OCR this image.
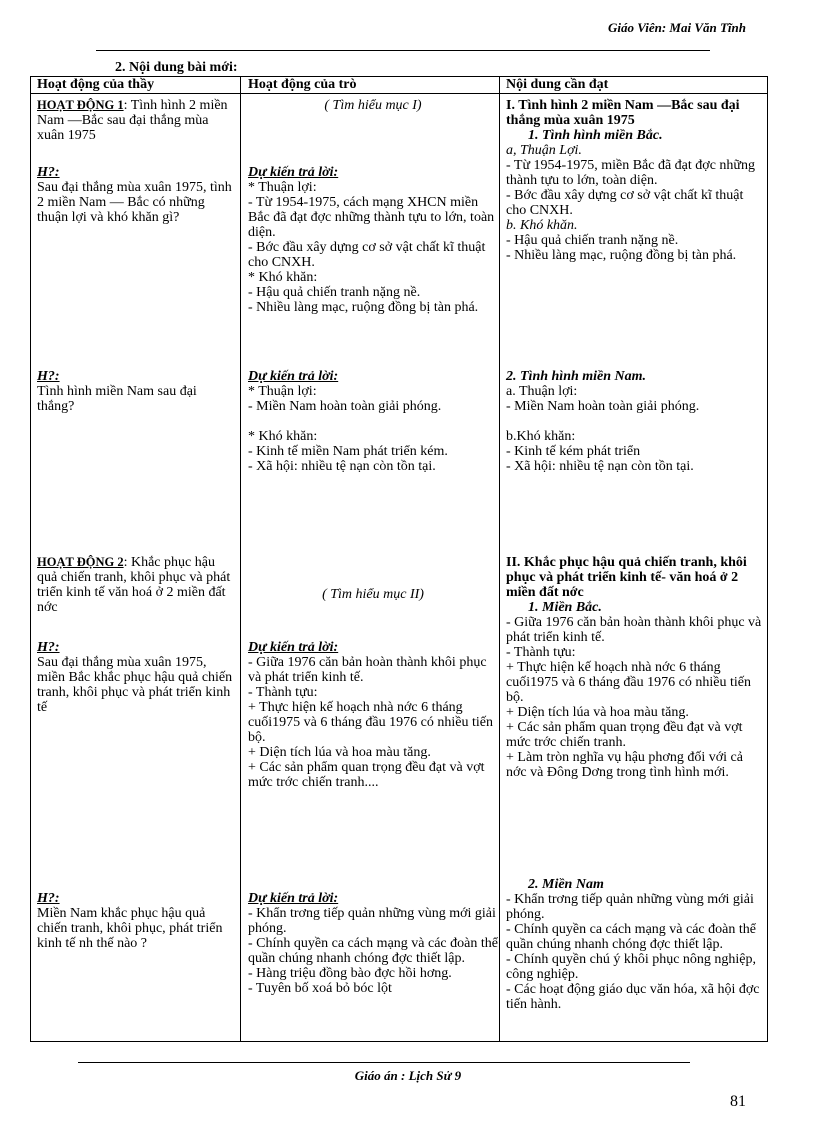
Giáo Viên: Mai Văn Tĩnh
2. Nội dung bài mới:
Hoạt động của thầy	Hoạt động của trò	Nội dung cần đạt
HOẠT ĐỘNG 1: Tình hình 2 miền Nam —Bắc sau đại thắng mùa xuân 1975
H?:
Sau đại thắng mùa xuân 1975, tình 2 miền Nam — Bắc có những thuận lợi và khó khăn gì?
H?:
Tình hình miền Nam sau đại thắng?
HOẠT ĐỘNG 2: Khắc phục hậu quả chiến tranh, khôi phục và phát triển kinh tế văn hoá ở 2 miền đất nớc
H?:
Sau đại thắng mùa xuân 1975, miền Bắc khắc phục hậu quả chiến tranh, khôi phục và phát triển kinh tế
H?:
Miền Nam khắc phục hậu quả chiến tranh, khôi phục, phát triển kinh tế nh thế nào ?
( Tìm hiểu mục I)
Dự kiến trả lời:
* Thuận lợi:
- Từ 1954-1975, cách mạng XHCN miền Bắc đã đạt đợc những thành tựu to lớn, toàn diện.
- Bớc đầu xây dựng cơ sở vật chất kĩ thuật cho CNXH.
* Khó khăn:
- Hậu quả chiến tranh nặng nề.
- Nhiều làng mạc, ruộng đồng bị tàn phá.
Dự kiến trả lời:
* Thuận lợi:
- Miền Nam hoàn toàn giải phóng.
* Khó khăn:
- Kinh tế miền Nam phát triển kém.
- Xã hội: nhiều tệ nạn còn tồn tại.
( Tìm hiểu mục II)
Dự kiến trả lời:
- Giữa 1976 căn bản hoàn thành khôi phục và phát triển kinh tế.
- Thành tựu:
+ Thực hiện kế hoạch nhà nớc 6 tháng cuối1975 và 6 tháng đầu 1976 có nhiều tiến bộ.
+ Diện tích lúa và hoa màu tăng.
+ Các sản phẩm quan trọng đều đạt và vợt mức trớc chiến tranh....
Dự kiến trả lời:
- Khẩn trơng tiếp quản những vùng mới giải phóng.
- Chính quyền ca cách mạng và các đoàn thể quần chúng nhanh chóng đợc thiết lập.
- Hàng triệu đồng bào đợc hồi hơng.
- Tuyên bố xoá bỏ bóc lột
I. Tình hình 2 miền Nam —Bắc sau đại thắng mùa xuân 1975
1. Tình hình miền Bắc.
a, Thuận Lợi.
- Từ 1954-1975, miền Bắc đã đạt đợc những thành tựu to lớn, toàn diện.
- Bớc đầu xây dựng cơ sở vật chất kĩ thuật cho CNXH.
b. Khó khăn.
- Hậu quả chiến tranh nặng nề.
- Nhiều làng mạc, ruộng đồng bị tàn phá.
2. Tình hình miền Nam.
a. Thuận lợi:
- Miền Nam hoàn toàn giải phóng.
b.Khó khăn:
- Kinh tế kém phát triển
- Xã hội: nhiều tệ nạn còn tồn tại.
II. Khắc phục hậu quả chiến tranh, khôi phục và phát triển kinh tế- văn hoá ở 2 miền đất nớc
1. Miền Bắc.
- Giữa 1976 căn bản hoàn thành khôi phục và phát triển kinh tế.
- Thành tựu:
+ Thực hiện kế hoạch nhà nớc 6 tháng cuối1975 và 6 tháng đầu 1976 có nhiều tiến bộ.
+ Diện tích lúa và hoa màu tăng.
+ Các sản phẩm quan trọng đều đạt và vợt mức trớc chiến tranh.
+ Làm tròn nghĩa vụ hậu phơng đối với cả nớc và Đông Dơng trong tình hình mới.
2. Miền Nam
- Khẩn trơng tiếp quản những vùng mới giải phóng.
- Chính quyền ca cách mạng và các đoàn thể quần chúng nhanh chóng đợc thiết lập.
- Chính quyền chú ý khôi phục nông nghiệp, công nghiệp.
- Các hoạt động giáo dục văn hóa, xã hội đợc tiến hành.
Giáo án : Lịch Sử 9
81
